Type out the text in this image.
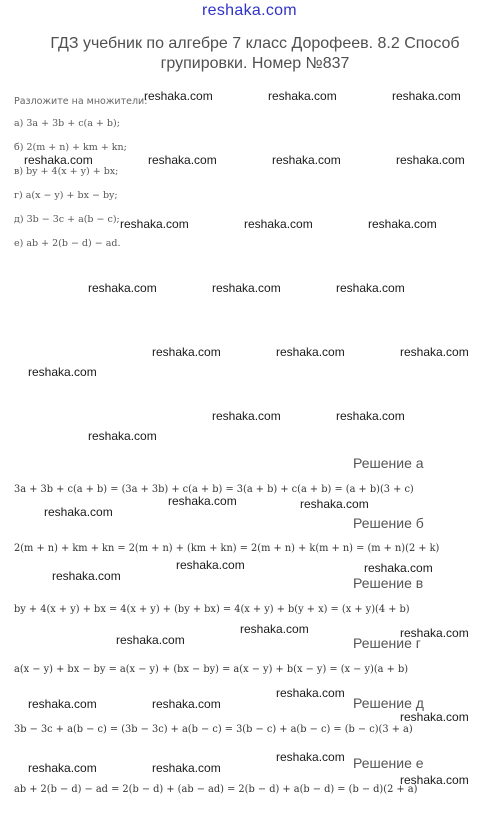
reshaka.com
ГДЗ учебник по алгебре 7 класс Дорофеев. 8.2 Способ групировки. Номер №837
Разложите на множители:
а) 3a + 3b + c(a + b);
б) 2(m + n) + km + kn;
в) by + 4(x + y) + bx;
г) a(x − y) + bx − by;
д) 3b − 3c + a(b − c);
е) ab + 2(b − d) − ad.
Решение а
3a + 3b + c(a + b) = (3a + 3b) + c(a + b) = 3(a + b) + c(a + b) = (a + b)(3 + c)
Решение б
2(m + n) + km + kn = 2(m + n) + (km + kn) = 2(m + n) + k(m + n) = (m + n)(2 + k)
Решение в
by + 4(x + y) + bx = 4(x + y) + (by + bx) = 4(x + y) + b(y + x) = (x + y)(4 + b)
Решение г
a(x − y) + bx − by = a(x − y) + (bx − by) = a(x − y) + b(x − y) = (x − y)(a + b)
Решение д
3b − 3c + a(b − c) = (3b − 3c) + a(b − c) = 3(b − c) + a(b − c) = (b − c)(3 + a)
Решение е
ab + 2(b − d) − ad = 2(b − d) + (ab − ad) = 2(b − d) + a(b − d) = (b − d)(2 + a)
reshaka.com	reshaka.com	reshaka.com
reshaka.com	reshaka.com	reshaka.com	reshaka.com
reshaka.com	reshaka.com	reshaka.com
reshaka.com	reshaka.com	reshaka.com
reshaka.com	reshaka.com	reshaka.com
reshaka.com
reshaka.com	reshaka.com
reshaka.com
reshaka.com	reshaka.com
reshaka.com
reshaka.com	reshaka.com
reshaka.com
reshaka.com
reshaka.com	reshaka.com
reshaka.com
reshaka.com	reshaka.com
reshaka.com
reshaka.com
reshaka.com	reshaka.com
reshaka.com
